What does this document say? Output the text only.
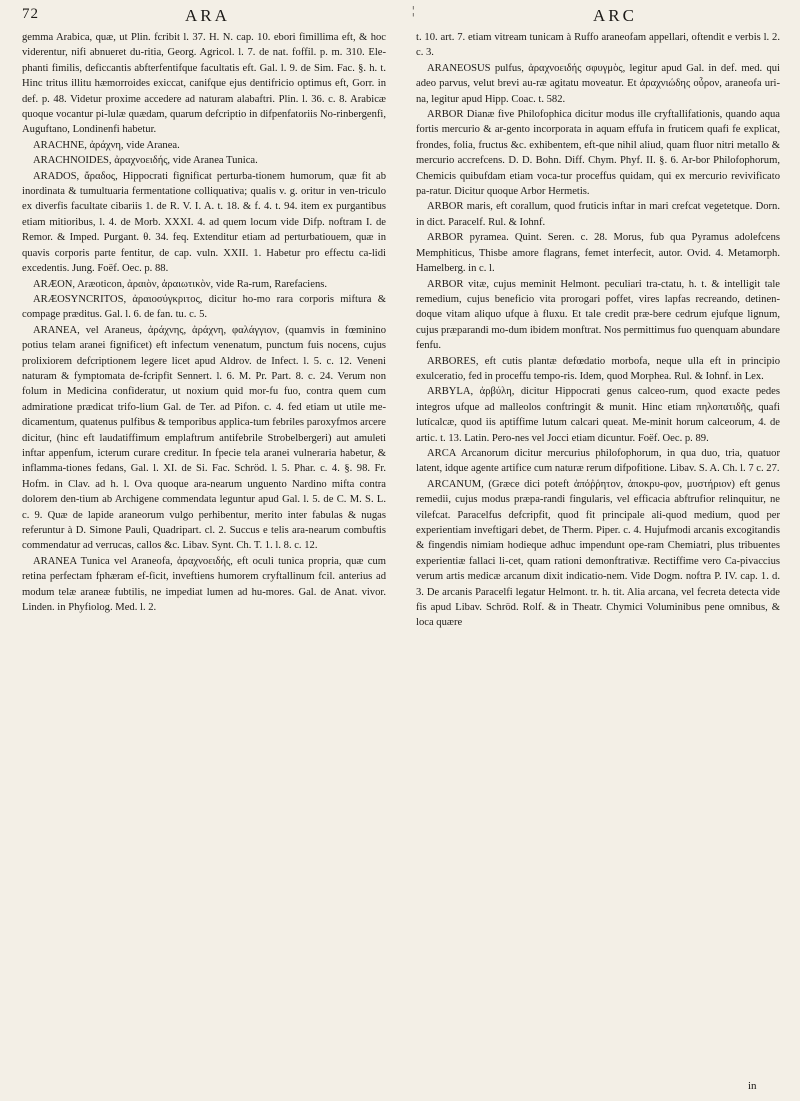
72	ARA	¦	ARC

gemma Arabica, quæ, ut Plin. fcribit l. 37. H. N. cap. 10. ebori fimillima eft, & hoc viderentur, nifi abnueret du-ritia, Georg. Agricol. l. 7. de nat. foffil. p. m. 310. Ele-phanti fimilis, deficcantis abfterfentifque facultatis eft. Gal. l. 9. de Sim. Fac. §. h. t. Hinc tritus illitu hæmorroides exiccat, canifque ejus dentifricio optimus eft, Gorr. in def. p. 48. Videtur proxime accedere ad naturam alabaftri. Plin. l. 36. c. 8. Arabicæ quoque vocantur pi-lulæ quædam, quarum defcriptio in difpenfatoriis No-rinbergenfi, Auguftano, Londinenfi habetur.

ARACHNE, ἀράχνη, vide Aranea.

ARACHNOIDES, ἀραχνοειδής, vide Aranea Tunica.

ARADOS, ἄραδος, Hippocrati fignificat perturba-tionem humorum, quæ fit ab inordinata & tumultuaria fermentatione colliquativa; qualis v. g. oritur in ven-triculo ex diverfis facultate cibariis 1. de R. V. I. A. t. 18. & f. 4. t. 94. item ex purgantibus etiam mitioribus, l. 4. de Morb. XXXI. 4. ad quem locum vide Difp. noftram I. de Remor. & Imped. Purgant. θ. 34. feq. Extenditur etiam ad perturbatiouem, quæ in quavis corporis parte fentitur, de cap. vuln. XXII. 1. Habetur pro effectu ca-lidi excedentis. Jung. Foëf. Oec. p. 88.

ARÆON, Aræoticon, ἀραιὸν, ἀραιωτικὸν, vide Ra-rum, Rarefaciens.

ARÆOSYNCRITOS, ἀραιοσύγκριτος, dicitur ho-mo rara corporis miftura & compage præditus. Gal. l. 6. de fan. tu. c. 5.

ARANEA, vel Araneus, ἀράχνης, ἀράχνη, φαλάγγιον, (quamvis in fœminino potius telam aranei fignificet) eft infectum venenatum, punctum fuis nocens, cujus prolixiorem defcriptionem legere licet apud Aldrov. de Infect. l. 5. c. 12. Veneni naturam & fymptomata de-fcripfit Sennert. l. 6. M. Pr. Part. 8. c. 24. Verum non folum in Medicina confideratur, ut noxium quid mor-fu fuo, contra quem cum admiratione prædicat trifo-lium Gal. de Ter. ad Pifon. c. 4. fed etiam ut utile me-dicamentum, quatenus pulfibus & temporibus applica-tum febriles paroxyfmos arcere dicitur, (hinc eft laudatiffimum emplaftrum antifebrile Strobelbergeri) aut amuleti inftar appenfum, icterum curare creditur. In fpecie tela aranei vulneraria habetur, & inflamma-tiones fedans, Gal. l. XI. de Si. Fac. Schröd. l. 5. Phar. c. 4. §. 98. Fr. Hofm. in Clav. ad h. l. Ova quoque ara-nearum unguento Nardino mifta contra dolorem den-tium ab Archigene commendata leguntur apud Gal. l. 5. de C. M. S. L. c. 9. Quæ de lapide araneorum vulgo perhibentur, merito inter fabulas & nugas referuntur à D. Simone Pauli, Quadripart. cl. 2. Succus e telis ara-nearum combuftis commendatur ad verrucas, callos &c. Libav. Synt. Ch. T. 1. l. 8. c. 12.

ARANEA Tunica vel Araneofa, ἀραχνοειδής, eft oculi tunica propria, quæ cum retina perfectam fphæram ef-ficit, inveftiens humorem cryftallinum fcil. anterius ad modum telæ araneæ fubtilis, ne impediat lumen ad hu-mores. Gal. de Anat. vivor. Linden. in Phyfiolog. Med. l. 2.

t. 10. art. 7. etiam vitream tunicam à Ruffo araneofam appellari, oftendit e verbis l. 2. c. 3.

ARANEOSUS pulfus, ἀραχνοειδής σφυγμὸς, legitur apud Gal. in def. med. qui adeo parvus, velut brevi au-ræ agitatu moveatur. Et ἀραχνιώδης οὖρον, araneofa uri-na, legitur apud Hipp. Coac. t. 582.

ARBOR Dianæ five Philofophica dicitur modus ille cryftallifationis, quando aqua fortis mercurio & ar-gento incorporata in aquam effufa in fruticem quafi fe explicat, frondes, folia, fructus &c. exhibentem, eft-que nihil aliud, quam fluor nitri metallo & mercurio accrefcens. D. D. Bohn. Diff. Chym. Phyf. II. §. 6. Ar-bor Philofophorum, Chemicis quibufdam etiam voca-tur proceffus quidam, qui ex mercurio revivificato pa-ratur. Dicitur quoque Arbor Hermetis.

ARBOR maris, eft corallum, quod fruticis inftar in mari crefcat vegetetque. Dorn. in dict. Paracelf. Rul. & Iohnf.

ARBOR pyramea. Quint. Seren. c. 28. Morus, fub qua Pyramus adolefcens Memphiticus, Thisbe amore flagrans, femet interfecit, autor. Ovid. 4. Metamorph. Hamelberg. in c. l.

ARBOR vitæ, cujus meminit Helmont. peculiari tra-ctatu, h. t. & intelligit tale remedium, cujus beneficio vita prorogari poffet, vires lapfas recreando, detinen-doque vitam aliquo ufque à fluxu. Et tale credit præ-bere cedrum ejufque lignum, cujus præparandi mo-dum ibidem monftrat. Nos permittimus fuo quenquam abundare fenfu.

ARBORES, eft cutis plantæ defœdatio morbofa, neque ulla eft in principio exulceratio, fed in proceffu tempo-ris. Idem, quod Morphea. Rul. & Iohnf. in Lex.

ARBYLA, ἀρβύλη, dicitur Hippocrati genus calceo-rum, quod exacte pedes integros ufque ad malleolos conftringit & munit. Hinc etiam πηλοπατιδῆς, quafi lutícalcæ, quod iis aptiffime lutum calcari queat. Me-minit horum calceorum, 4. de artic. t. 13. Latin. Pero-nes vel Jocci etiam dicuntur. Foëf. Oec. p. 89.

ARCA Arcanorum dicitur mercurius philofophorum, in qua duo, tria, quatuor latent, idque agente artifice cum naturæ rerum difpofitione. Libav. S. A. Ch. l. 7 c. 27.

ARCANUM, (Græce dici poteft ἀπόῤῥητον, ἀποκρυ-φον, μυστήριον) eft genus remedii, cujus modus præpa-randi fingularis, vel efficacia abftrufior relinquitur, ne vilefcat. Paracelfus defcripfit, quod fit principale ali-quod medium, quod per experientiam inveftigari debet, de Therm. Piper. c. 4. Hujufmodi arcanis excogitandis & fingendis nimiam hodieque adhuc impendunt ope-ram Chemiatri, plus tribuentes experientiæ fallaci li-cet, quam rationi demonftrativæ. Rectiffime vero Ca-pivaccius verum artis medicæ arcanum dixit indicatio-nem. Vide Dogm. noftra P. IV. cap. 1. d. 3. De arcanis Paracelfi legatur Helmont. tr. h. tit. Alia arcana, vel fecreta detecta vide fis apud Libav. Schröd. Rolf. & in Theatr. Chymici Voluminibus pene omnibus, & loca quære

in
